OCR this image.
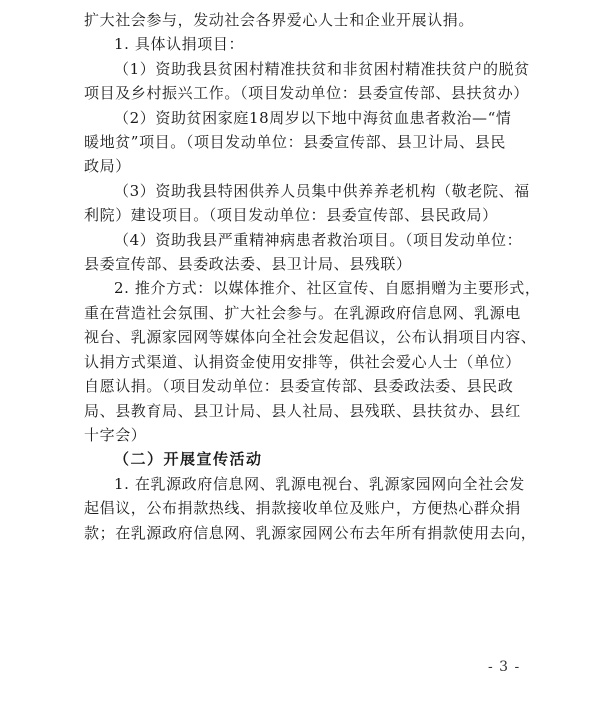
扩大社会参与，发动社会各界爱心人士和企业开展认捐。
1. 具体认捐项目：
（1）资助我县贫困村精准扶贫和非贫困村精准扶贫户的脱贫
项目及乡村振兴工作。（项目发动单位：县委宣传部、县扶贫办）
（2）资助贫困家庭18周岁以下地中海贫血患者救治—“情
暖地贫”项目。（项目发动单位：县委宣传部、县卫计局、县民
政局）
（3）资助我县特困供养人员集中供养养老机构（敬老院、福
利院）建设项目。（项目发动单位：县委宣传部、县民政局）
（4）资助我县严重精神病患者救治项目。（项目发动单位：
县委宣传部、县委政法委、县卫计局、县残联）
2. 推介方式：以媒体推介、社区宣传、自愿捐赠为主要形式，
重在营造社会氛围、扩大社会参与。在乳源政府信息网、乳源电
视台、乳源家园网等媒体向全社会发起倡议，公布认捐项目内容、
认捐方式渠道、认捐资金使用安排等，供社会爱心人士（单位）
自愿认捐。（项目发动单位：县委宣传部、县委政法委、县民政
局、县教育局、县卫计局、县人社局、县残联、县扶贫办、县红
十字会）
（二）开展宣传活动
1. 在乳源政府信息网、乳源电视台、乳源家园网向全社会发
起倡议，公布捐款热线、捐款接收单位及账户，方便热心群众捐
款；在乳源政府信息网、乳源家园网公布去年所有捐款使用去向，
- 3 -
